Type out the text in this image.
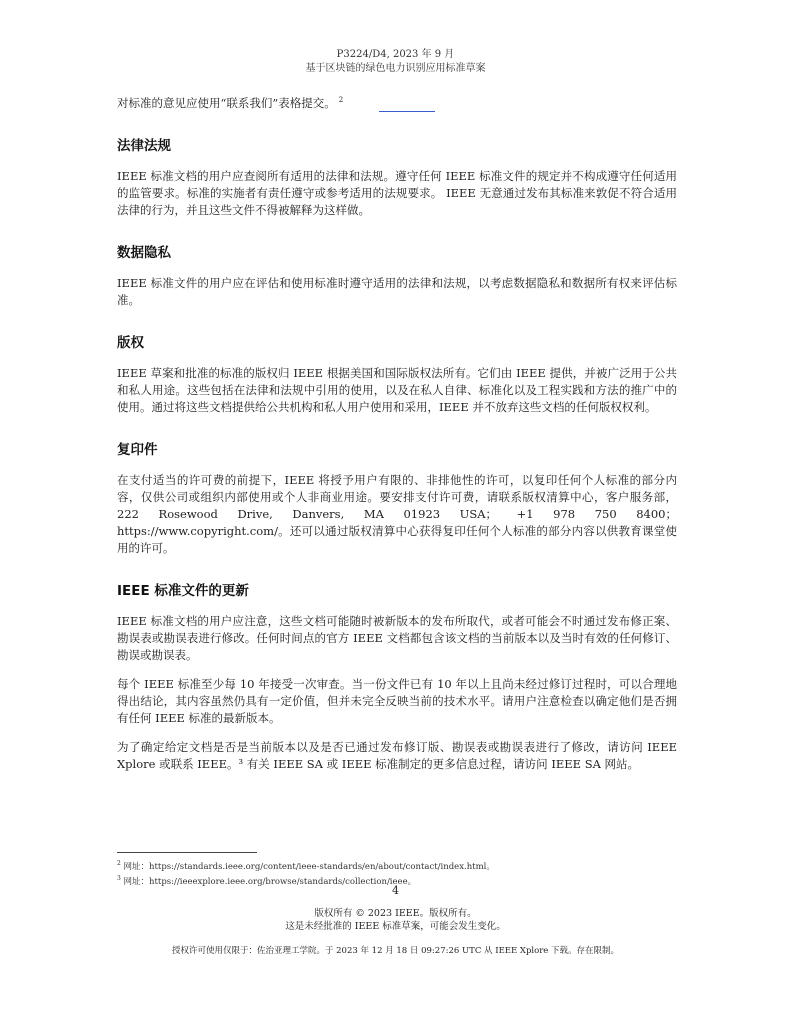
P3224/D4, 2023 年 9 月
基于区块链的绿色电力识别应用标准草案

对标准的意见应使用“联系我们”表格提交。 $^2$

法律法规

IEEE 标准文档的用户应查阅所有适用的法律和法规。遵守任何 IEEE 标准文件的规定并不构成遵守任何适用的监管要求。标准的实施者有责任遵守或参考适用的法规要求。 IEEE 无意通过发布其标准来敦促不符合适用法律的行为，并且这些文件不得被解释为这样做。

数据隐私

IEEE 标准文件的用户应在评估和使用标准时遵守适用的法律和法规，以考虑数据隐私和数据所有权来评估标准。

版权

IEEE 草案和批准的标准的版权归 IEEE 根据美国和国际版权法所有。它们由 IEEE 提供，并被广泛用于公共和私人用途。这些包括在法律和法规中引用的使用，以及在私人自律、标准化以及工程实践和方法的推广中的使用。通过将这些文档提供给公共机构和私人用户使用和采用，IEEE 并不放弃这些文档的任何版权权利。

复印件

在支付适当的许可费的前提下，IEEE 将授予用户有限的、非排他性的许可，以复印任何个人标准的部分内容，仅供公司或组织内部使用或个人非商业用途。要安排支付许可费，请联系版权清算中心，客户服务部，222 Rosewood Drive, Danvers, MA 01923 USA； +1 978 750 8400；https://www.copyright.com/。还可以通过版权清算中心获得复印任何个人标准的部分内容以供教育课堂使用的许可。

IEEE 标准文件的更新

IEEE 标准文档的用户应注意，这些文档可能随时被新版本的发布所取代，或者可能会不时通过发布修正案、勘误表或勘误表进行修改。任何时间点的官方 IEEE 文档都包含该文档的当前版本以及当时有效的任何修订、勘误或勘误表。

每个 IEEE 标准至少每 10 年接受一次审查。当一份文件已有 10 年以上且尚未经过修订过程时，可以合理地得出结论，其内容虽然仍具有一定价值，但并未完全反映当前的技术水平。请用户注意检查以确定他们是否拥有任何 IEEE 标准的最新版本。

为了确定给定文档是否是当前版本以及是否已通过发布修订版、勘误表或勘误表进行了修改，请访问 IEEE Xplore 或联系 IEEE。³ 有关 IEEE SA 或 IEEE 标准制定的更多信息过程，请访问 IEEE SA 网站。

$^2$ 网址：https://standards.ieee.org/content/ieee-standards/en/about/contact/index.html。
$^3$ 网址：https://ieeexplore.ieee.org/browse/standards/collection/ieee。
4
版权所有 © 2023 IEEE。版权所有。
这是未经批准的 IEEE 标准草案，可能会发生变化。
授权许可使用仅限于：佐治亚理工学院。于 2023 年 12 月 18 日 09:27:26 UTC 从 IEEE Xplore 下载。存在限制。
